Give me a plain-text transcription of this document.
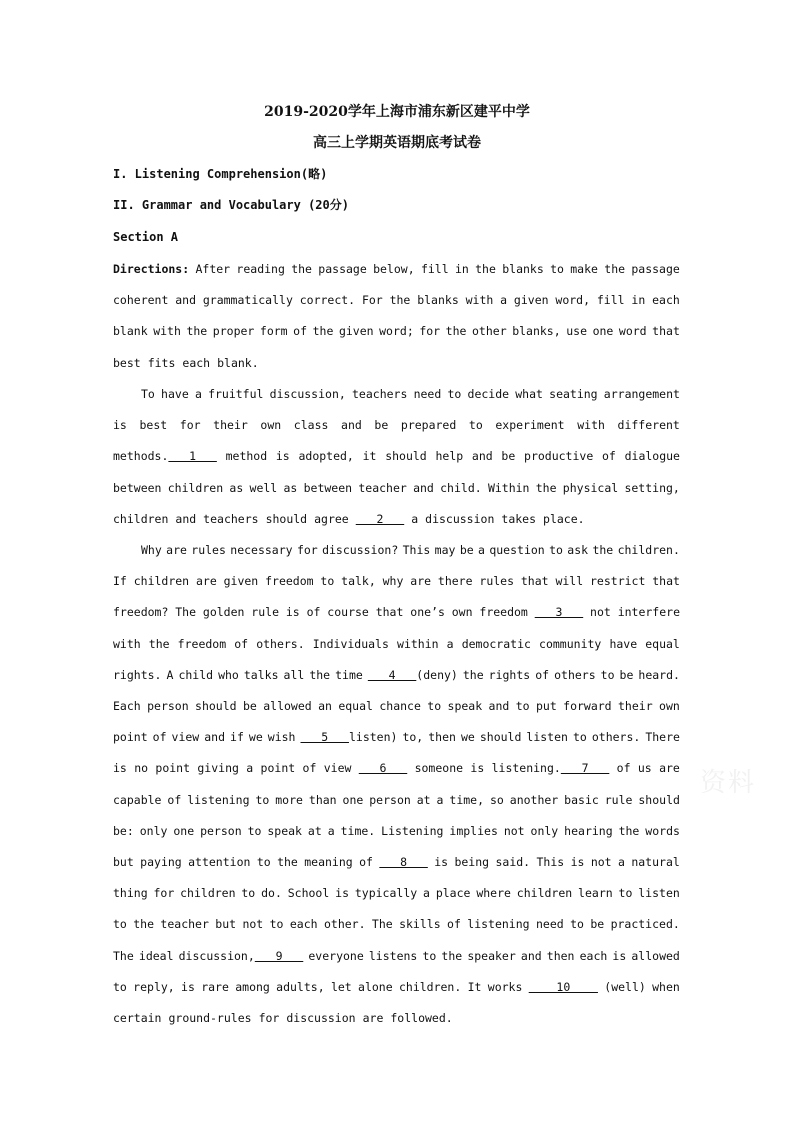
2019-2020学年上海市浦东新区建平中学
高三上学期英语期底考试卷
I. Listening Comprehension(略)
II. Grammar and Vocabulary (20分)
Section A
Directions: After reading the passage below, fill in the blanks to make the passage
coherent and grammatically correct. For the blanks with a given word, fill in each
blank with the proper form of the given word; for the other blanks, use one word that
best fits each blank.
To have a fruitful discussion, teachers need to decide what seating arrangement
is best for their own class and be prepared to experiment with different
methods.   1 method is adopted, it should help and be productive of dialogue
between children as well as between teacher and child. Within the physical setting,
children and teachers should agree 2 a discussion takes place.
Why are rules necessary for discussion? This may be a question to ask the children.
If children are given freedom to talk, why are there rules that will restrict that
freedom? The golden rule is of course that one’s own freedom 3 not interfere
with the freedom of others. Individuals within a democratic community have equal
rights. A child who talks all the time 4   (deny) the rights of others to be heard.
Each person should be allowed an equal chance to speak and to put forward their own
point of view and if we wish 5   listen) to, then we should listen to others. There
is no point giving a point of view 6 someone is listening.   7 of us are
capable of listening to more than one person at a time, so another basic rule should
be: only one person to speak at a time. Listening implies not only hearing the words
but paying attention to the meaning of 8 is being said. This is not a natural
thing for children to do. School is typically a place where children learn to listen
to the teacher but not to each other. The skills of listening need to be practiced.
The ideal discussion,   9 everyone listens to the speaker and then each is allowed
to reply, is rare among adults, let alone children. It works 10 (well) when
certain ground-rules for discussion are followed.
资料
